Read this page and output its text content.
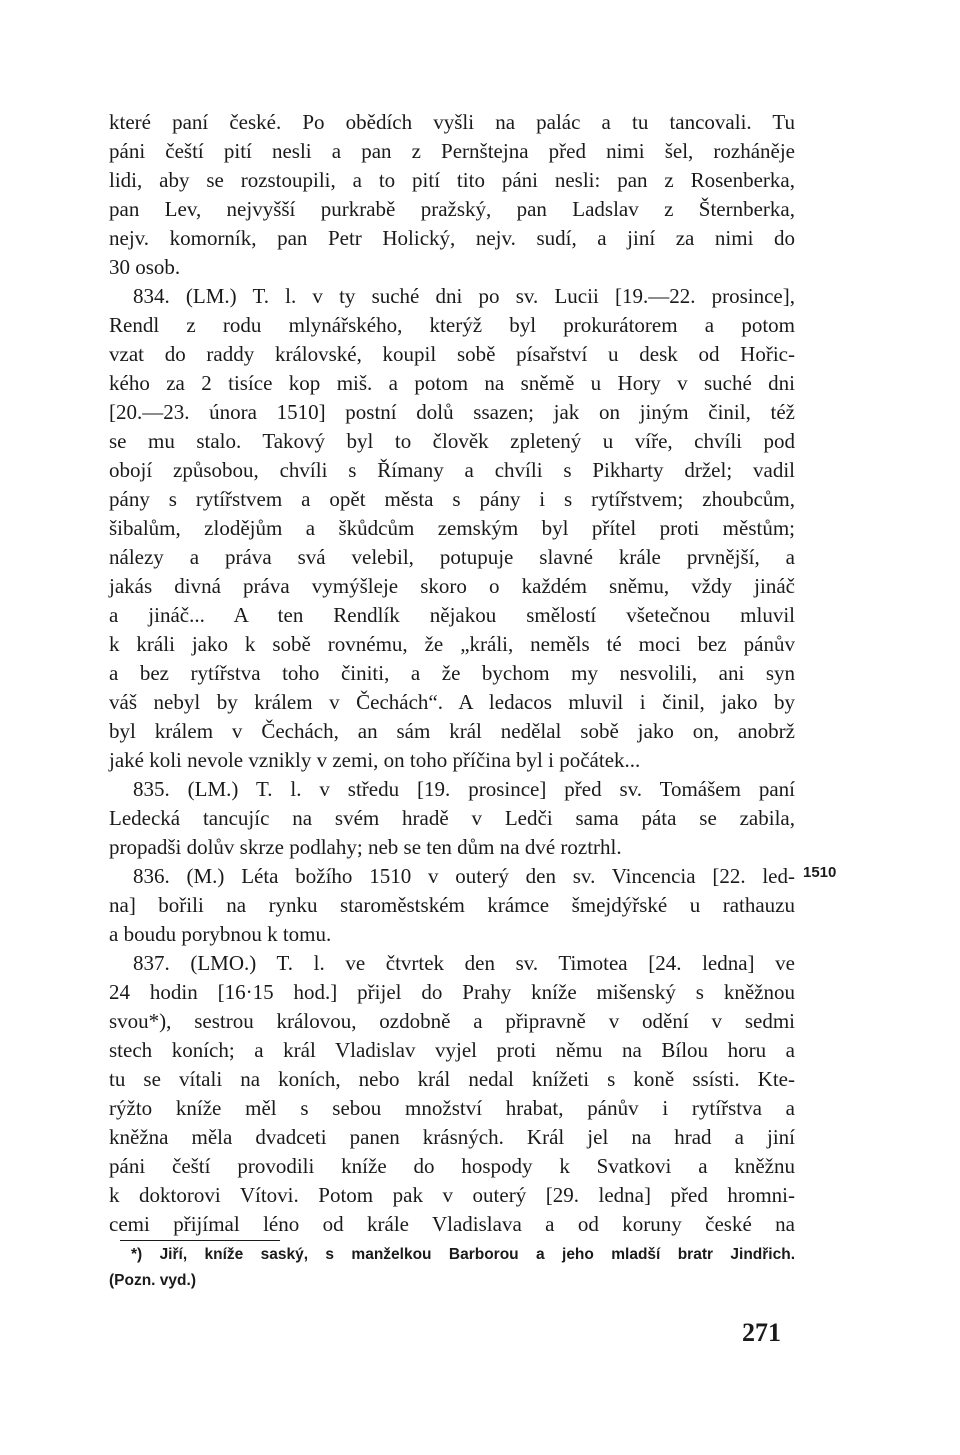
které paní české. Po obědích vyšli na palác a tu tancovali. Tu
páni čeští pití nesli a pan z Pernštejna před nimi šel, rozháněje
lidi, aby se rozstoupili, a to pití tito páni nesli: pan z Rosenberka,
pan Lev, nejvyšší purkrabě pražský, pan Ladslav z Šternberka,
nejv. komorník, pan Petr Holický, nejv. sudí, a jiní za nimi do
30 osob.
834. (LM.) T. l. v ty suché dni po sv. Lucii [19.—22. prosince],
Rendl z rodu mlynářského, kterýž byl prokurátorem a potom
vzat do raddy královské, koupil sobě písařství u desk od Hořic-
kého za 2 tisíce kop miš. a potom na sněmě u Hory v suché dni
[20.—23. února 1510] postní dolů ssazen; jak on jiným činil, též
se mu stalo. Takový byl to člověk zpletený u víře, chvíli pod
obojí způsobou, chvíli s Římany a chvíli s Pikharty držel; vadil
pány s rytířstvem a opět města s pány i s rytířstvem; zhoubcům,
šibalům, zlodějům a škůdcům zemským byl přítel proti městům;
nálezy a práva svá velebil, potupuje slavné krále prvnější, a
jakás divná práva vymýšleje skoro o každém sněmu, vždy jináč
a jináč... A ten Rendlík nějakou smělostí všetečnou mluvil
k králi jako k sobě rovnému, že „králi, neměls té moci bez pánův
a bez rytířstva toho činiti, a že bychom my nesvolili, ani syn
váš nebyl by králem v Čechách“. A ledacos mluvil i činil, jako by
byl králem v Čechách, an sám král nedělal sobě jako on, anobrž
jaké koli nevole vznikly v zemi, on toho příčina byl i počátek...
835. (LM.) T. l. v středu [19. prosince] před sv. Tomášem paní
Ledecká tancujíc na svém hradě v Ledči sama páta se zabila,
propadši dolův skrze podlahy; neb se ten dům na dvé roztrhl.
836. (M.) Léta božího 1510 v outerý den sv. Vincencia [22. led- 1510
na] bořili na rynku staroměstském krámce šmejdýřské u rathauzu
a boudu porybnou k tomu.
837. (LMO.) T. l. ve čtvrtek den sv. Timotea [24. ledna] ve
24 hodin [16·15 hod.] přijel do Prahy kníže mišenský s kněžnou
svou*), sestrou královou, ozdobně a připravně v odění v sedmi
stech koních; a král Vladislav vyjel proti němu na Bílou horu a
tu se vítali na koních, nebo král nedal knížeti s koně ssísti. Kte-
rýžto kníže měl s sebou množství hrabat, pánův i rytířstva a
kněžna měla dvadceti panen krásných. Král jel na hrad a jiní
páni čeští provodili kníže do hospody k Svatkovi a kněžnu
k doktorovi Vítovi. Potom pak v outerý [29. ledna] před hromni-
cemi přijímal léno od krále Vladislava a od koruny české na
*) Jiří, kníže saský, s manželkou Barborou a jeho mladší bratr Jindřich.
(Pozn. vyd.)
271
